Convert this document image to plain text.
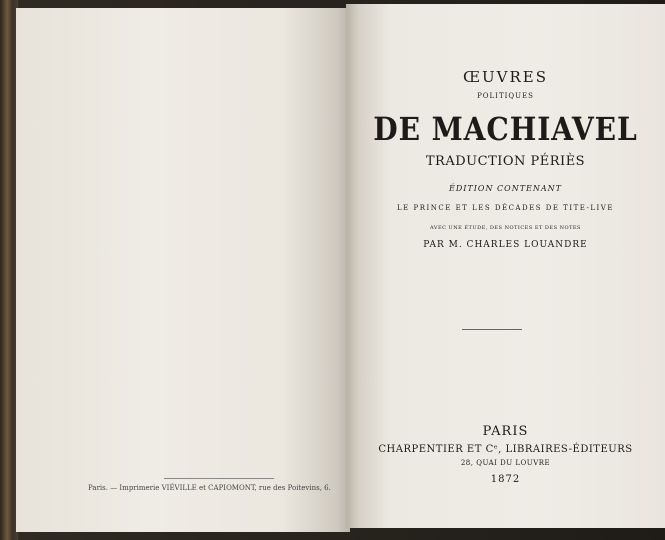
Paris. — Imprimerie VIÉVILLE et CAPIOMONT, rue des Poitevins, 6.
ŒUVRES
POLITIQUES
DE MACHIAVEL
TRADUCTION PÉRIÈS
ÉDITION CONTENANT
LE PRINCE ET LES DÉCADES DE TITE-LIVE
AVEC UNE ÉTUDE, DES NOTICES ET DES NOTES
PAR M. CHARLES LOUANDRE
PARIS
CHARPENTIER ET Cᵉ, LIBRAIRES-ÉDITEURS
28, QUAI DU LOUVRE
1872
